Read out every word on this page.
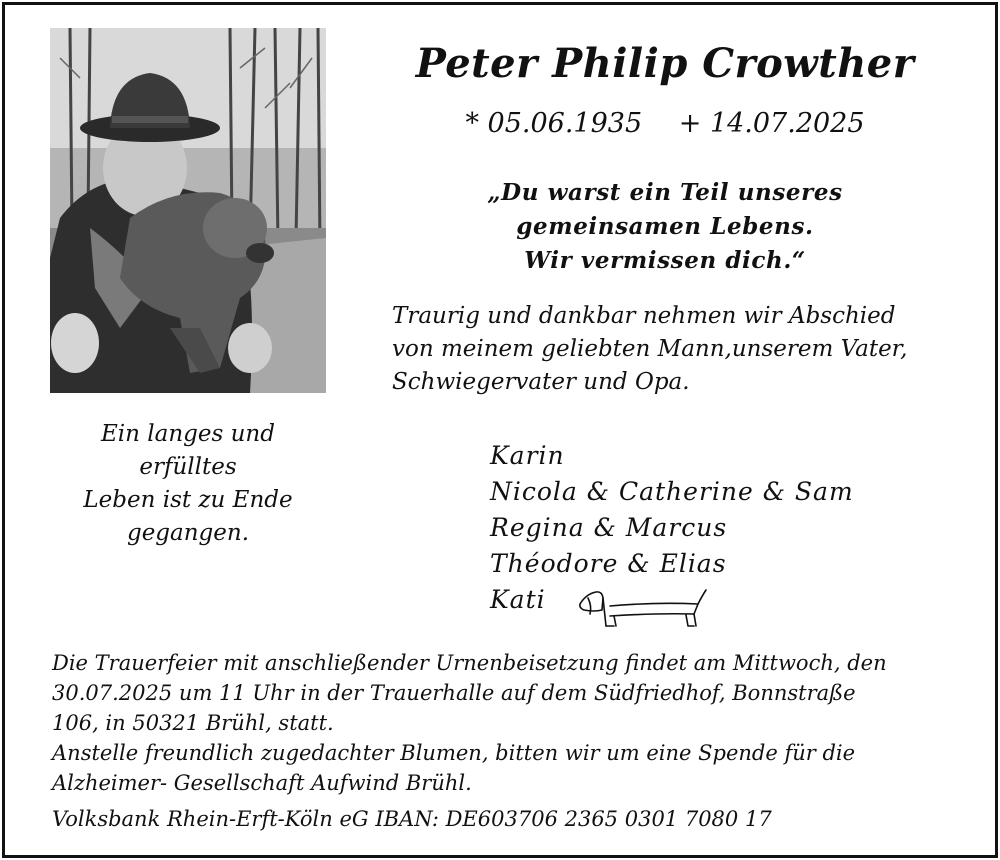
Peter Philip Crowther
* 05.06.1935 + 14.07.2025
„Du warst ein Teil unseres
gemeinsamen Lebens.
Wir vermissen dich.“
Traurig und dankbar nehmen wir Abschied
von meinem geliebten Mann,unserem Vater,
Schwiegervater und Opa.
Ein langes und
erfülltes
Leben ist zu Ende
gegangen.
Karin
Nicola & Catherine & Sam
Regina & Marcus
Théodore & Elias
Kati
Die Trauerfeier mit anschließender Urnenbeisetzung findet am Mittwoch, den
30.07.2025 um 11 Uhr in der Trauerhalle auf dem Südfriedhof, Bonnstraße
106, in 50321 Brühl, statt.
Anstelle freundlich zugedachter Blumen, bitten wir um eine Spende für die
Alzheimer- Gesellschaft Aufwind Brühl.
Volksbank Rhein-Erft-Köln eG IBAN: DE603706 2365 0301 7080 17
